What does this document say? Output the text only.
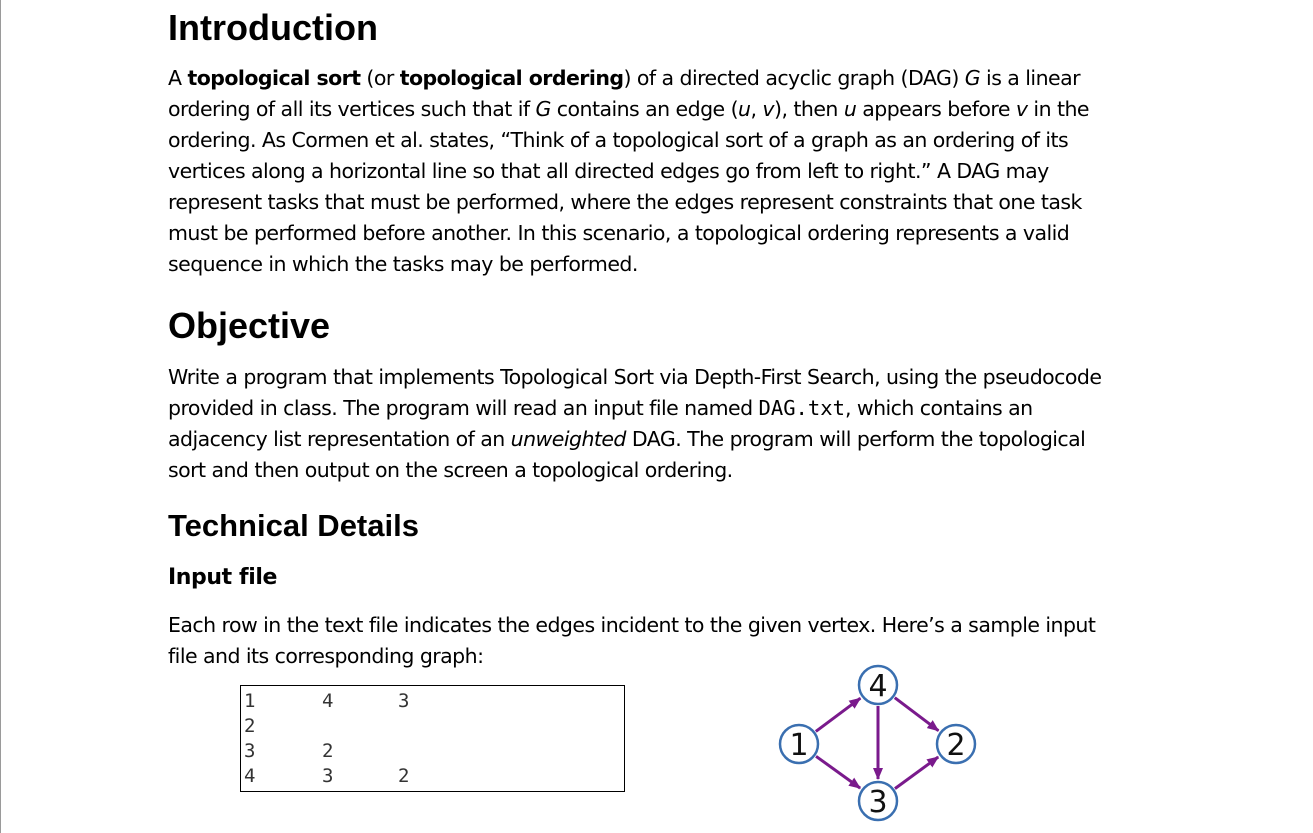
Introduction

A topological sort (or topological ordering) of a directed acyclic graph (DAG) G is a linear
ordering of all its vertices such that if G contains an edge (u, v), then u appears before v in the
ordering. As Cormen et al. states, “Think of a topological sort of a graph as an ordering of its
vertices along a horizontal line so that all directed edges go from left to right.” A DAG may
represent tasks that must be performed, where the edges represent constraints that one task
must be performed before another. In this scenario, a topological ordering represents a valid
sequence in which the tasks may be performed.

Objective

Write a program that implements Topological Sort via Depth-First Search, using the pseudocode
provided in class. The program will read an input file named DAG.txt, which contains an
adjacency list representation of an unweighted DAG. The program will perform the topological
sort and then output on the screen a topological ordering.

Technical Details
Input file

Each row in the text file indicates the edges incident to the given vertex. Here’s a sample input
file and its corresponding graph:

1	4	3
2
3	2
4	3	2
1	2
3
4
